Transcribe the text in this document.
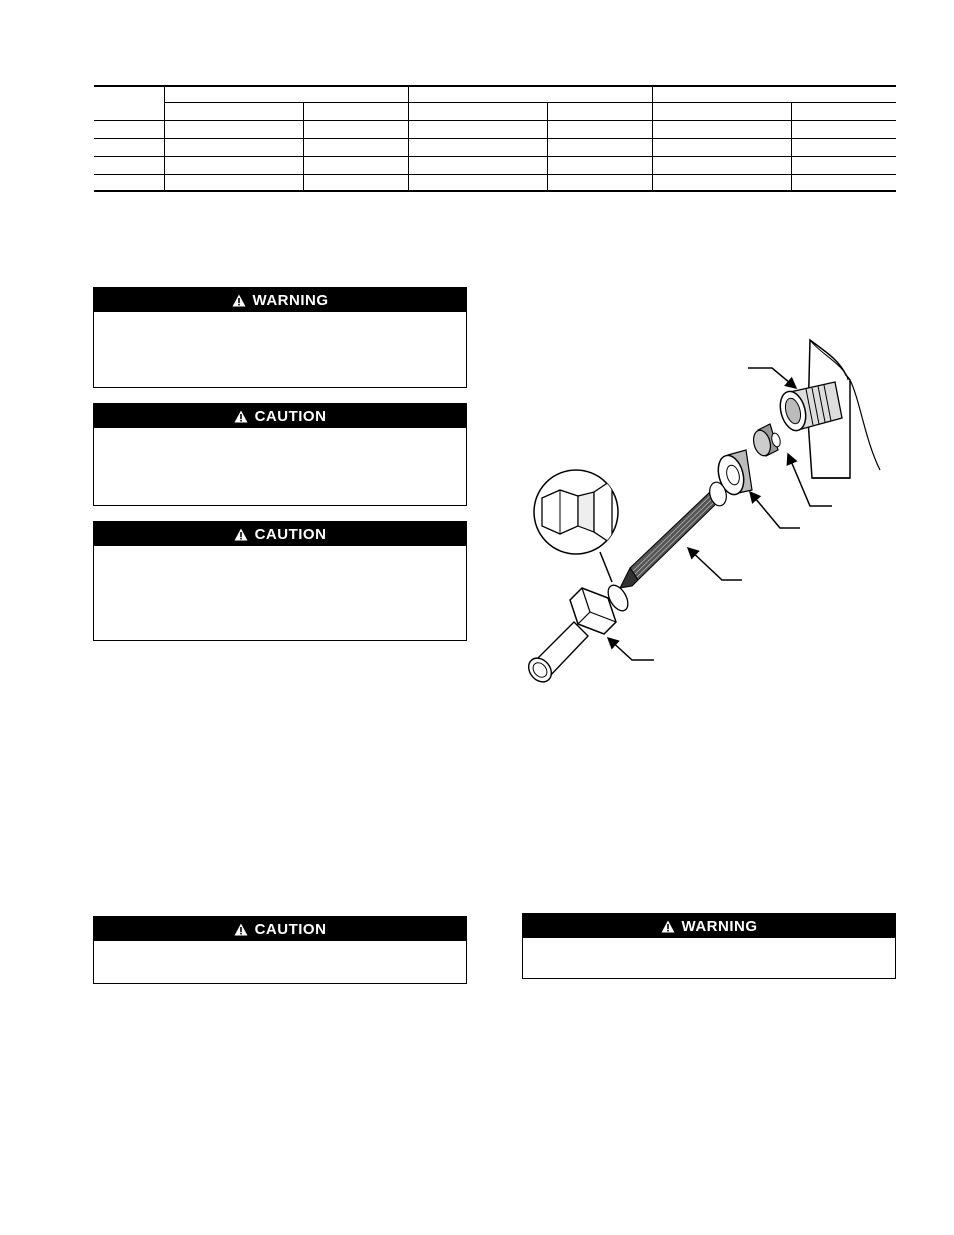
WARNING
CAUTION
CAUTION
CAUTION	WARNING
